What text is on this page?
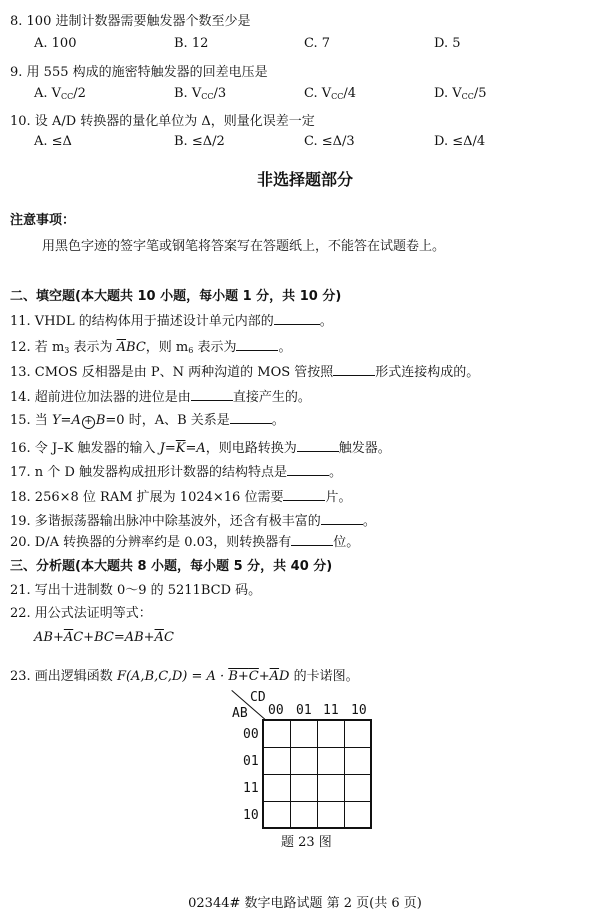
8. 100 进制计数器需要触发器个数至少是
A. 100	B. 12	C. 7	D. 5
9. 用 555 构成的施密特触发器的回差电压是
A. $V_{CC}/2$	B. $V_{CC}/3$	C. $V_{CC}/4$	D. $V_{CC}/5$
10. 设 A/D 转换器的量化单位为 Δ，则量化误差一定
A. ≤Δ	B. ≤Δ/2	C. ≤Δ/3	D. ≤Δ/4
非选择题部分
注意事项：
用黑色字迹的签字笔或钢笔将答案写在答题纸上，不能答在试题卷上。
二、填空题(本大题共 10 小题，每小题 1 分，共 10 分)
11. VHDL 的结构体用于描述设计单元内部的	。
12. 若 $m_3$ 表示为 $\overline{A}BC$，则 $m_6$ 表示为	。
13. CMOS 反相器是由 P、N 两种沟道的 MOS 管按照	形式连接构成的。
14. 超前进位加法器的进位是由	直接产生的。
15. 当 Y=A + B=0 时，A、B 关系是	。
16. 令 J–K 触发器的输入 $J=\overline{K}=A$，则电路转换为	触发器。
17. n 个 D 触发器构成扭形计数器的结构特点是	。
18. 256×8 位 RAM 扩展为 1024×16 位需要	片。
19. 多谐振荡器输出脉冲中除基波外，还含有极丰富的	。
20. D/A 转换器的分辨率约是 0.03，则转换器有	位。
三、分析题(本大题共 8 小题，每小题 5 分，共 40 分)
21. 写出十进制数 0～9 的 5211BCD 码。
22. 用公式法证明等式：
$AB+\overline{A}C+BC=AB+\overline{A}C$
23. 画出逻辑函数 $F(A,B,C,D) = A \cdot B+C+\overline{A}D$ 的卡诺图。
CD
AB 00 01 11 10
00
01
11
10
题 23 图
02344# 数字电路试题 第 2 页(共 6 页)
